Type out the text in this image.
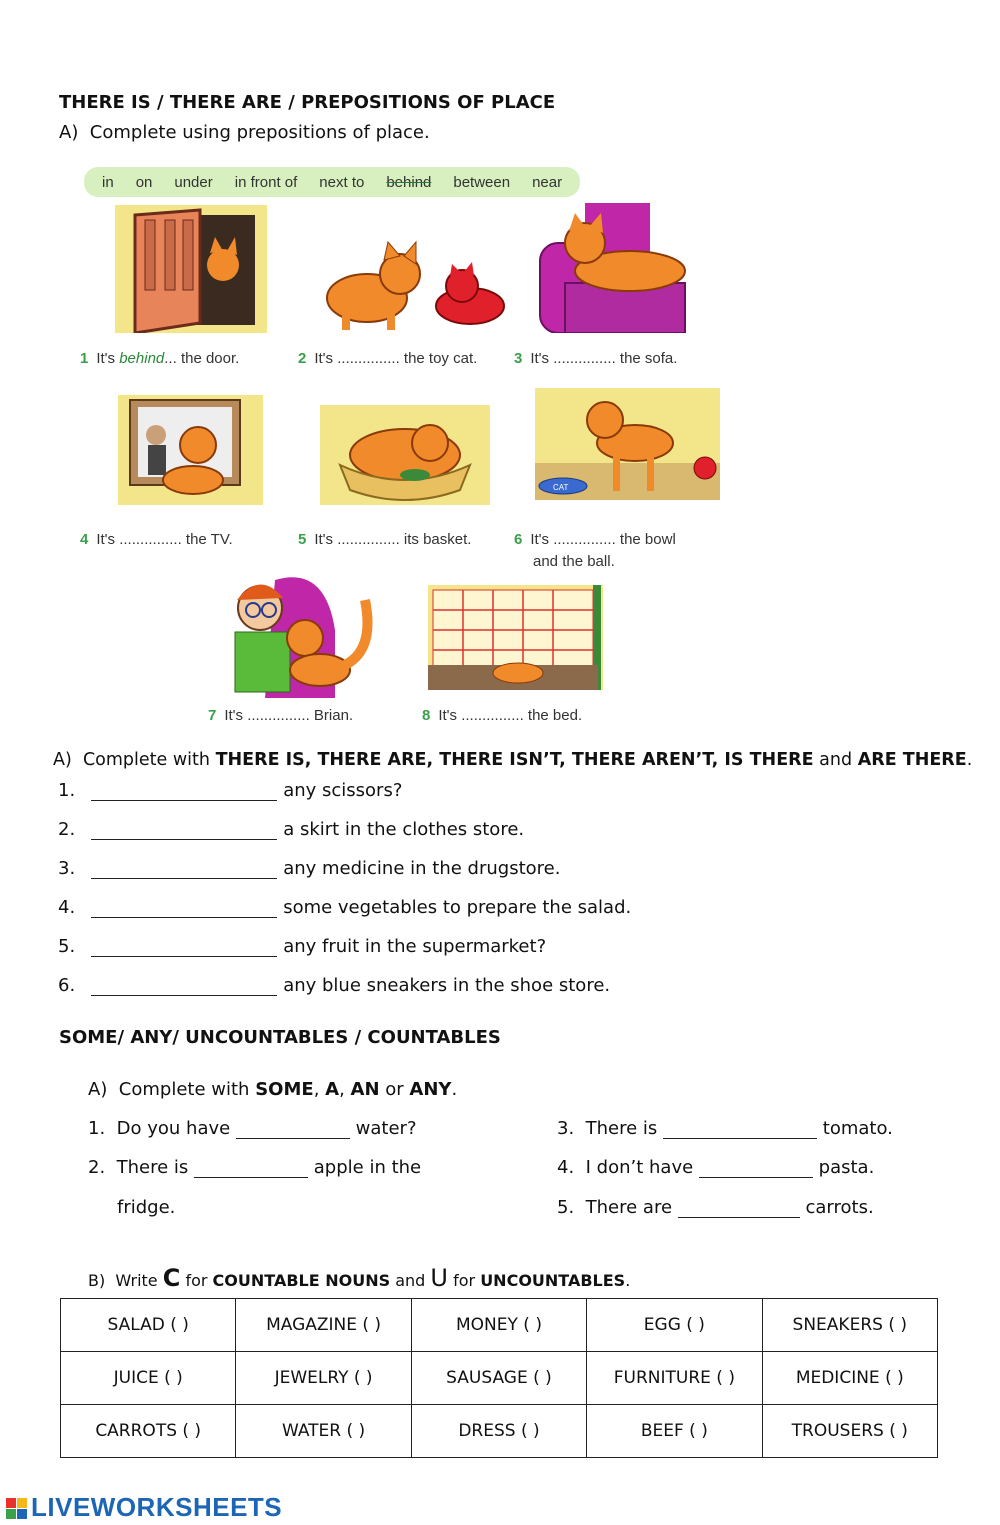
THERE IS / THERE ARE / PREPOSITIONS OF PLACE
A) Complete using prepositions of place.
in on under in front of next to behind between near
1 It's behind... the door.	2 It's ............... the toy cat. 3 It's ............... the sofa.
CAT
4 It's ............... the TV.	5 It's ............... its basket.	6 It's ............... the bowl
and the ball.
7 It's ............... Brian.	8 It's ............... the bed.
A) Complete with THERE IS, THERE ARE, THERE ISN’T, THERE AREN’T, IS THERE and ARE THERE.
1.	any scissors?
2.	a skirt in the clothes store.
3.	any medicine in the drugstore.
4.	some vegetables to prepare the salad.
5.	any fruit in the supermarket?
6.	any blue sneakers in the shoe store.
SOME/ ANY/ UNCOUNTABLES / COUNTABLES
A) Complete with SOME, A, AN or ANY.
1. Do you have	water?
2. There is	apple in the
fridge.
3. There is	tomato.
4. I don’t have	pasta.
5. There are	carrots.
B) Write C for COUNTABLE NOUNS and U for UNCOUNTABLES.
SALAD ( )	MAGAZINE ( )	MONEY ( )	EGG ( )	SNEAKERS ( )
JUICE ( )	JEWELRY ( )	SAUSAGE ( )	FURNITURE ( )	MEDICINE ( )
CARROTS ( )	WATER ( )	DRESS ( )	BEEF ( )	TROUSERS ( )
LIVEWORKSHEETS
